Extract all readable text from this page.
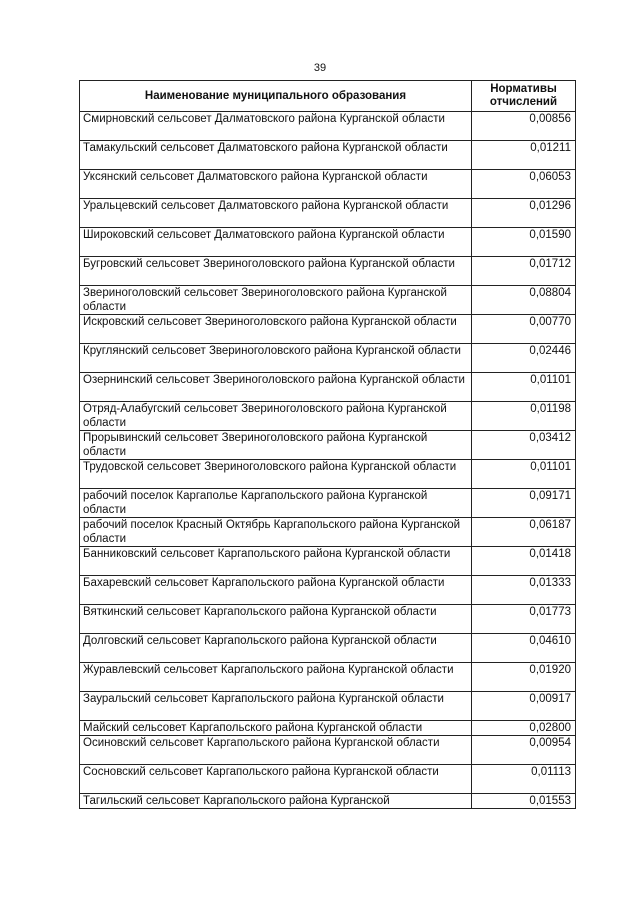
39
Наименование муниципального образования	Нормативы отчислений
Смирновский сельсовет Далматовского района Курганской области	0,00856
Тамакульский сельсовет Далматовского района Курганской области	0,01211
Уксянский сельсовет Далматовского района Курганской области	0,06053
Уральцевский сельсовет Далматовского района Курганской области	0,01296
Широковский сельсовет Далматовского района Курганской области	0,01590
Бугровский сельсовет Звериноголовского района Курганской области	0,01712
Звериноголовский сельсовет Звериноголовского района Курганской области	0,08804
Искровский сельсовет Звериноголовского района Курганской области	0,00770
Круглянский сельсовет Звериноголовского района Курганской области	0,02446
Озернинский сельсовет Звериноголовского района Курганской области	0,01101
Отряд-Алабугский сельсовет Звериноголовского района Курганской области	0,01198
Прорывинский сельсовет Звериноголовского района Курганской области	0,03412
Трудовской сельсовет Звериноголовского района Курганской области	0,01101
рабочий поселок Каргаполье Каргапольского района Курганской области	0,09171
рабочий поселок Красный Октябрь Каргапольского района Курганской области	0,06187
Банниковский сельсовет Каргапольского района Курганской области	0,01418
Бахаревский сельсовет Каргапольского района Курганской области	0,01333
Вяткинский сельсовет Каргапольского района Курганской области	0,01773
Долговский сельсовет Каргапольского района Курганской области	0,04610
Журавлевский сельсовет Каргапольского района Курганской области	0,01920
Зауральский сельсовет Каргапольского района Курганской области	0,00917
Майский сельсовет Каргапольского района Курганской области	0,02800
Осиновский сельсовет Каргапольского района Курганской области	0,00954
Сосновский сельсовет Каргапольского района Курганской области	0,01113
Тагильский сельсовет Каргапольского района Курганской	0,01553
